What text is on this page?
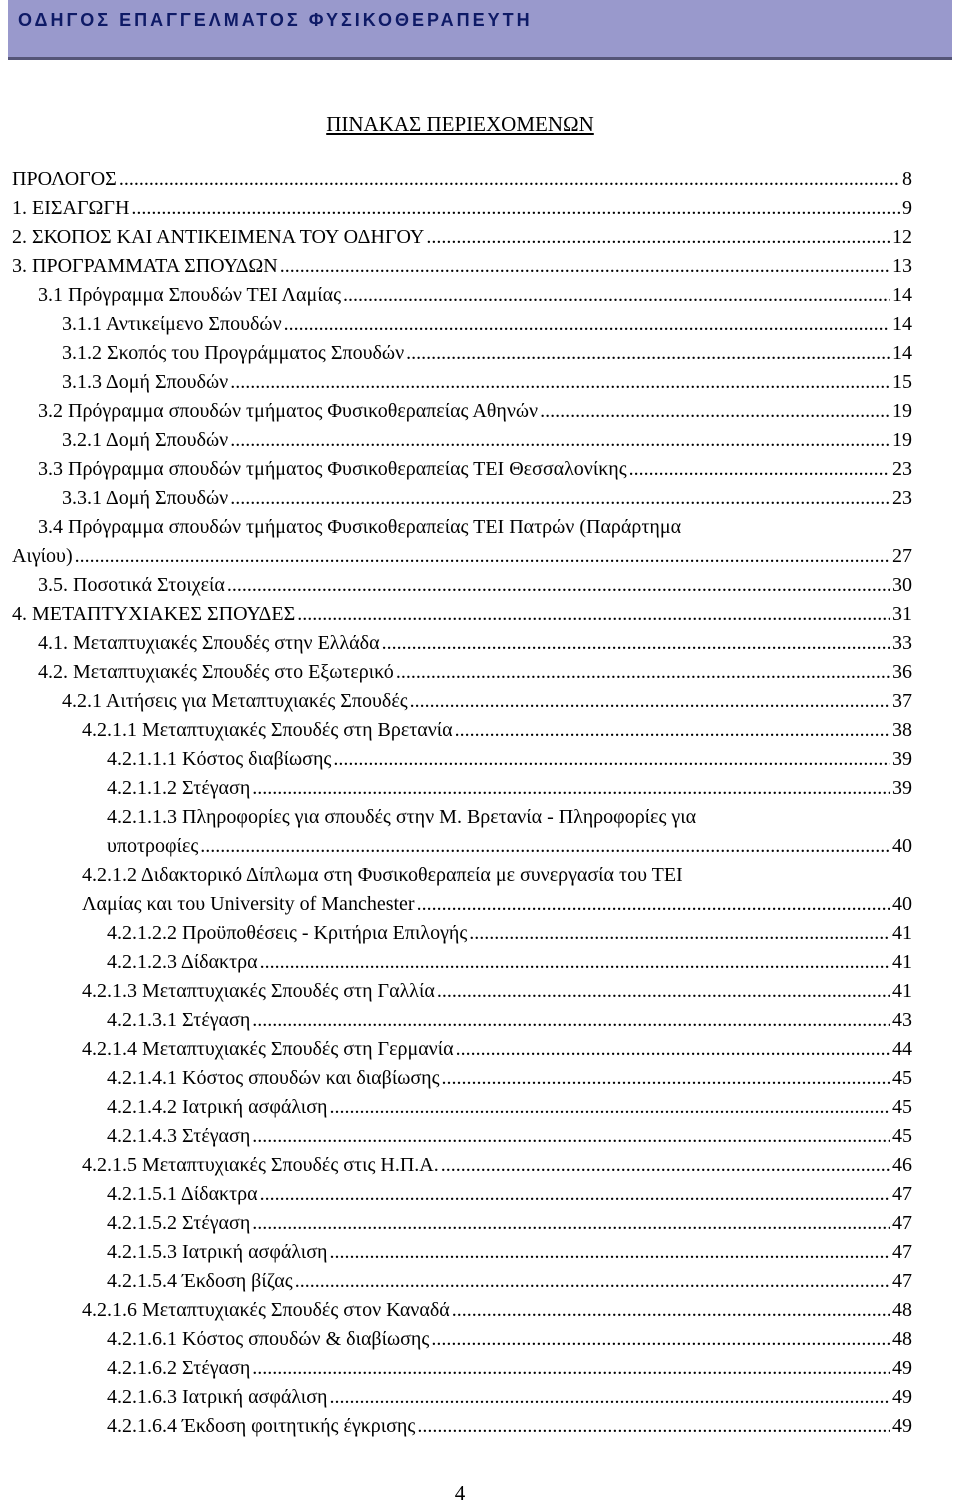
ΟΔΗΓΟΣ ΕΠΑΓΓΕΛΜΑΤΟΣ ΦΥΣΙΚΟΘΕΡΑΠΕΥΤΗ
ΠΙΝΑΚΑΣ ΠΕΡΙΕΧΟΜΕΝΩΝ
ΠΡΟΛΟΓΟΣ .....	8
1. ΕΙΣΑΓΩΓΗ .....	9
2. ΣΚΟΠΟΣ ΚΑΙ ΑΝΤΙΚΕΙΜΕΝΑ ΤΟΥ ΟΔΗΓΟΥ .....	12
3. ΠΡΟΓΡΑΜΜΑΤΑ ΣΠΟΥΔΩΝ .....	13
3.1 Πρόγραμμα Σπουδών ΤΕΙ Λαμίας .....	14
3.1.1 Αντικείμενο Σπουδών .....	14
3.1.2 Σκοπός του Προγράμματος Σπουδών .....	14
3.1.3 Δομή Σπουδών .....	15
3.2 Πρόγραμμα σπουδών τμήματος Φυσικοθεραπείας Αθηνών .....	19
3.2.1 Δομή Σπουδών .....	19
3.3 Πρόγραμμα σπουδών τμήματος Φυσικοθεραπείας ΤΕΙ Θεσσαλονίκης .....	23
3.3.1 Δομή Σπουδών .....	23
3.4 Πρόγραμμα σπουδών τμήματος Φυσικοθεραπείας ΤΕΙ Πατρών (Παράρτημα
Αιγίου) .....	27
3.5. Ποσοτικά Στοιχεία .....	30
4. ΜΕΤΑΠΤΥΧΙΑΚΕΣ ΣΠΟΥΔΕΣ .....	31
4.1. Μεταπτυχιακές Σπουδές στην Ελλάδα .....	33
4.2. Μεταπτυχιακές Σπουδές στο Εξωτερικό .....	36
4.2.1 Αιτήσεις για Μεταπτυχιακές Σπουδές .....	37
4.2.1.1 Μεταπτυχιακές Σπουδές στη Βρετανία .....	38
4.2.1.1.1 Κόστος διαβίωσης .....	39
4.2.1.1.2 Στέγαση .....	39
4.2.1.1.3 Πληροφορίες για σπουδές στην Μ. Βρετανία - Πληροφορίες για
υποτροφίες .....	40
4.2.1.2 Διδακτορικό Δίπλωμα στη Φυσικοθεραπεία με συνεργασία του ΤΕΙ
Λαμίας και του University of Manchester .....	40
4.2.1.2.2 Προϋποθέσεις - Κριτήρια Επιλογής .....	41
4.2.1.2.3 Δίδακτρα .....	41
4.2.1.3 Μεταπτυχιακές Σπουδές στη Γαλλία .....	41
4.2.1.3.1 Στέγαση .....	43
4.2.1.4 Μεταπτυχιακές Σπουδές στη Γερμανία .....	44
4.2.1.4.1 Κόστος σπουδών και διαβίωσης .....	45
4.2.1.4.2 Ιατρική ασφάλιση .....	45
4.2.1.4.3 Στέγαση .....	45
4.2.1.5 Μεταπτυχιακές Σπουδές στις Η.Π.Α. .....	46
4.2.1.5.1 Δίδακτρα .....	47
4.2.1.5.2 Στέγαση .....	47
4.2.1.5.3 Ιατρική ασφάλιση .....	47
4.2.1.5.4 Έκδοση βίζας .....	47
4.2.1.6 Μεταπτυχιακές Σπουδές στον Καναδά .....	48
4.2.1.6.1 Κόστος σπουδών & διαβίωσης .....	48
4.2.1.6.2 Στέγαση .....	49
4.2.1.6.3 Ιατρική ασφάλιση .....	49
4.2.1.6.4 Έκδοση φοιτητικής έγκρισης .....	49
4
